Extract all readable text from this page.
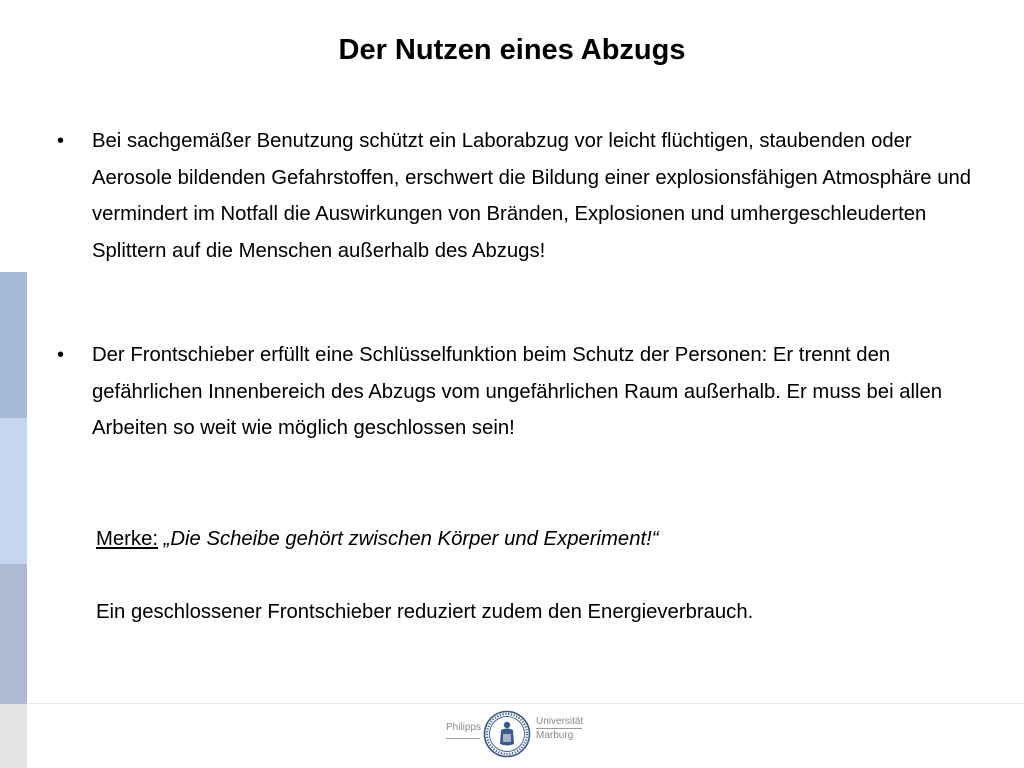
Der Nutzen eines Abzugs
• Bei sachgemäßer Benutzung schützt ein Laborabzug vor leicht flüchtigen, staubenden oder Aerosole bildenden Gefahrstoffen, erschwert die Bildung einer explosionsfähigen Atmosphäre und vermindert im Notfall die Auswirkungen von Bränden, Explosionen und umhergeschleuderten Splittern auf die Menschen außerhalb des Abzugs!
• Der Frontschieber erfüllt eine Schlüsselfunktion beim Schutz der Personen: Er trennt den gefährlichen Innenbereich des Abzugs vom ungefährlichen Raum außerhalb. Er muss bei allen Arbeiten so weit wie möglich geschlossen sein!
Merke: „Die Scheibe gehört zwischen Körper und Experiment!“
Ein geschlossener Frontschieber reduziert zudem den Energieverbrauch.
Philipps
Universität
Marburg
